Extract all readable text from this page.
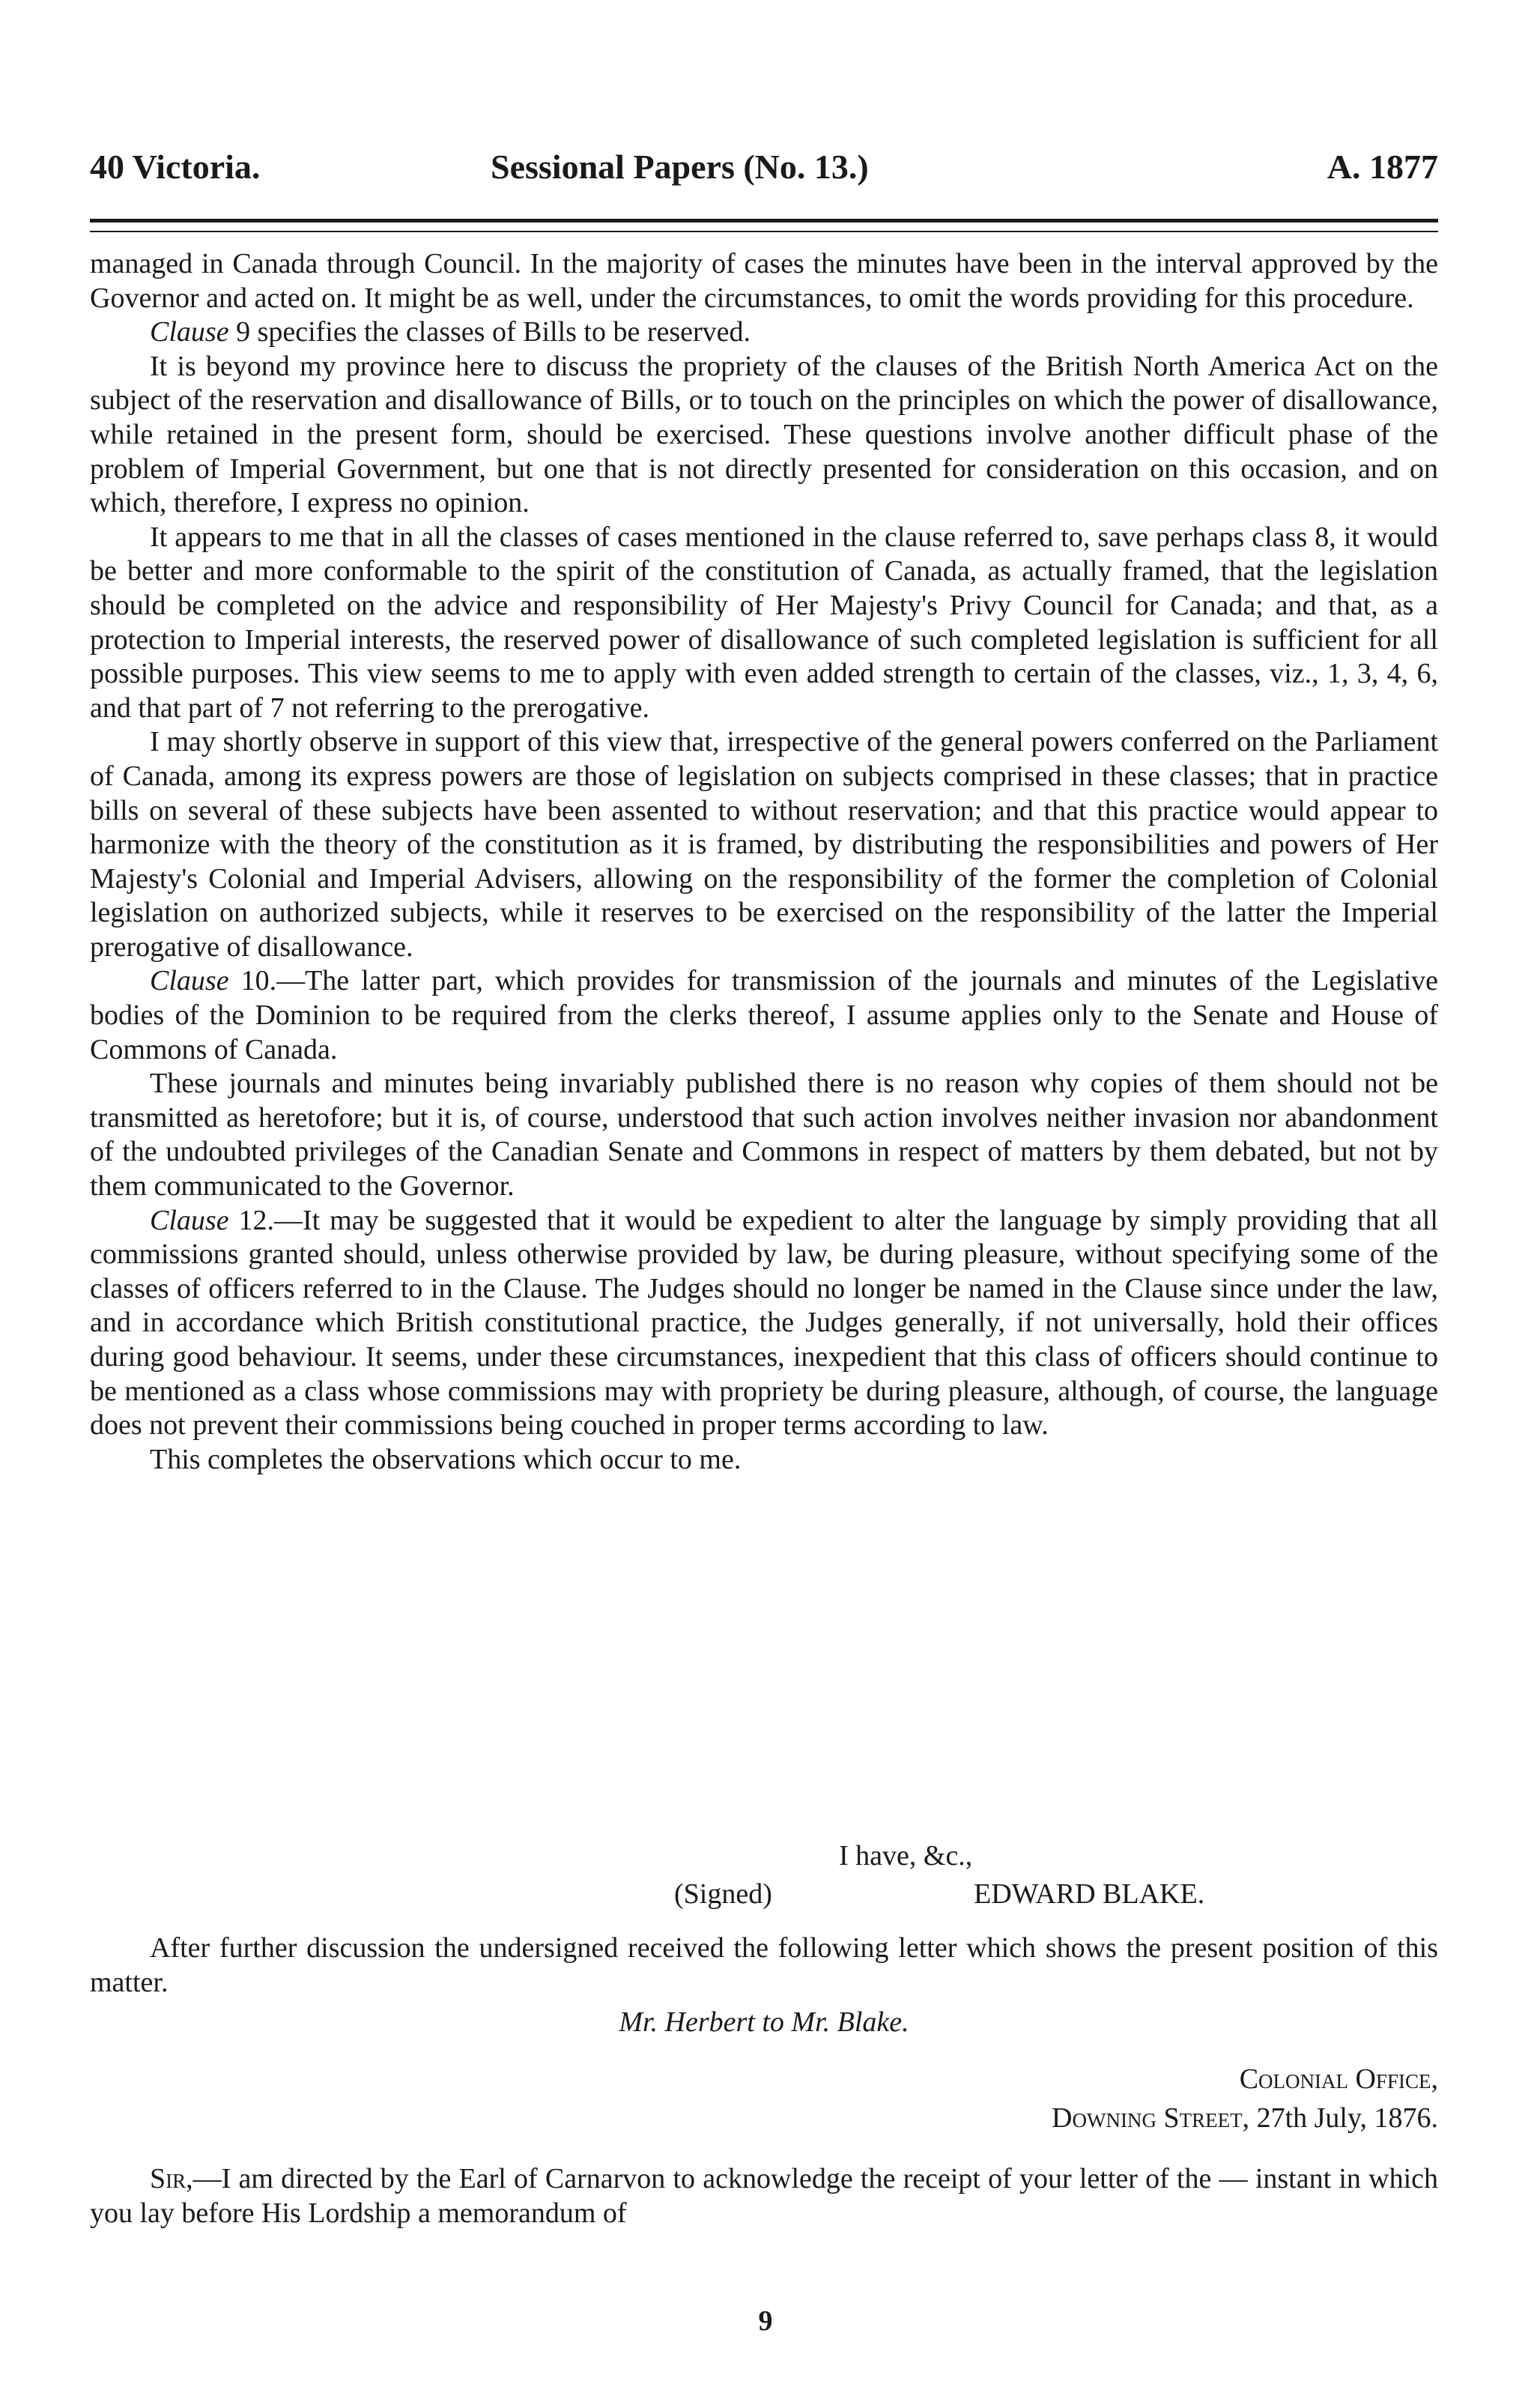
40 Victoria.	Sessional Papers (No. 13.)	A. 1877

managed in Canada through Council. In the majority of cases the minutes have been in the interval approved by the Governor and acted on. It might be as well, under the circumstances, to omit the words providing for this procedure.

Clause 9 specifies the classes of Bills to be reserved.

It is beyond my province here to discuss the propriety of the clauses of the British North America Act on the subject of the reservation and disallowance of Bills, or to touch on the principles on which the power of disallowance, while retained in the present form, should be exercised. These questions involve another difficult phase of the problem of Imperial Government, but one that is not directly presented for consideration on this occasion, and on which, therefore, I express no opinion.

It appears to me that in all the classes of cases mentioned in the clause referred to, save perhaps class 8, it would be better and more conformable to the spirit of the constitution of Canada, as actually framed, that the legislation should be completed on the advice and responsibility of Her Majesty's Privy Council for Canada; and that, as a protection to Imperial interests, the reserved power of disallowance of such completed legislation is sufficient for all possible purposes. This view seems to me to apply with even added strength to certain of the classes, viz., 1, 3, 4, 6, and that part of 7 not referring to the prerogative.

I may shortly observe in support of this view that, irrespective of the general powers conferred on the Parliament of Canada, among its express powers are those of legislation on subjects comprised in these classes; that in practice bills on several of these subjects have been assented to without reservation; and that this practice would appear to harmonize with the theory of the constitution as it is framed, by distributing the responsibilities and powers of Her Majesty's Colonial and Imperial Advisers, allowing on the responsibility of the former the completion of Colonial legislation on authorized subjects, while it reserves to be exercised on the responsibility of the latter the Imperial prerogative of disallowance.

Clause 10.—The latter part, which provides for transmission of the journals and minutes of the Legislative bodies of the Dominion to be required from the clerks thereof, I assume applies only to the Senate and House of Commons of Canada.

These journals and minutes being invariably published there is no reason why copies of them should not be transmitted as heretofore; but it is, of course, understood that such action involves neither invasion nor abandonment of the undoubted privileges of the Canadian Senate and Commons in respect of matters by them debated, but not by them communicated to the Governor.

Clause 12.—It may be suggested that it would be expedient to alter the language by simply providing that all commissions granted should, unless otherwise provided by law, be during pleasure, without specifying some of the classes of officers referred to in the Clause. The Judges should no longer be named in the Clause since under the law, and in accordance which British constitutional practice, the Judges generally, if not universally, hold their offices during good behaviour. It seems, under these circumstances, inexpedient that this class of officers should continue to be mentioned as a class whose commissions may with propriety be during pleasure, although, of course, the language does not prevent their commissions being couched in proper terms according to law.

This completes the observations which occur to me.

I have, &c.,
(Signed)	EDWARD BLAKE.

After further discussion the undersigned received the following letter which shows the present position of this matter.

Mr. Herbert to Mr. Blake.
Colonial Office,
Downing Street, 27th July, 1876.

Sir,—I am directed by the Earl of Carnarvon to acknowledge the receipt of your letter of the — instant in which you lay before His Lordship a memorandum of

9
